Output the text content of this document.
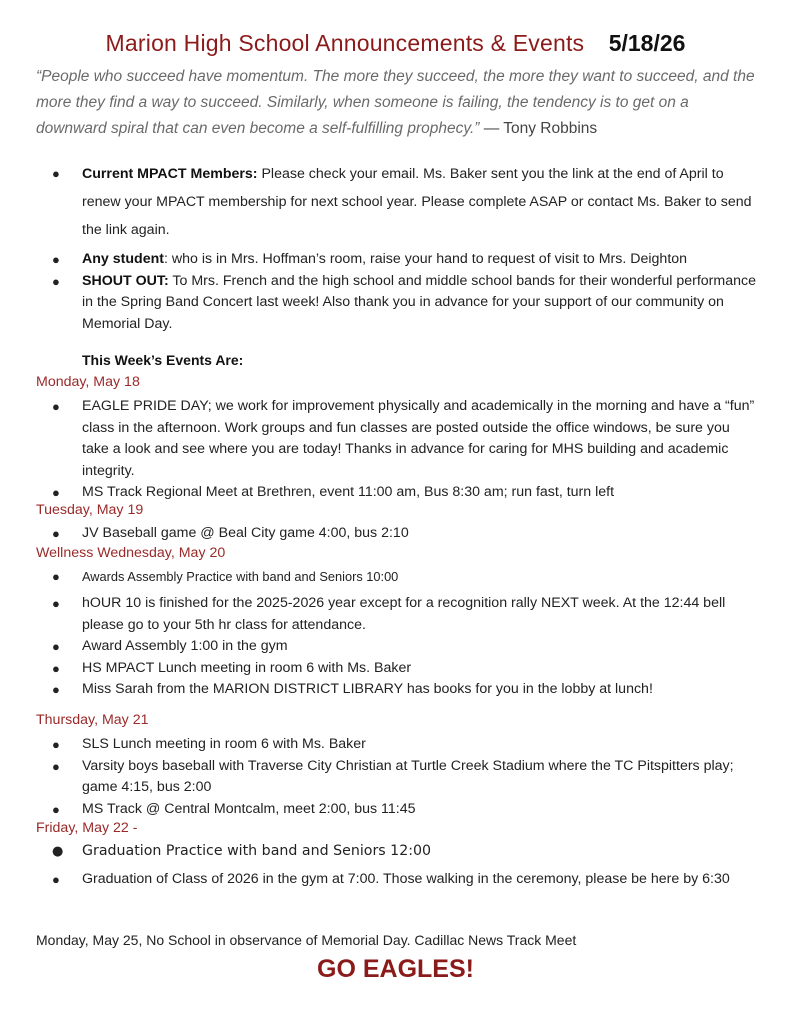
Marion High School Announcements & Events 5/18/26
“People who succeed have momentum. The more they succeed, the more they want to succeed, and the more they find a way to succeed. Similarly, when someone is failing, the tendency is to get on a downward spiral that can even become a self-fulfilling prophecy.” — Tony Robbins
● Current MPACT Members: Please check your email. Ms. Baker sent you the link at the end of April to renew your MPACT membership for next school year. Please complete ASAP or contact Ms. Baker to send the link again.
● Any student: who is in Mrs. Hoffman’s room, raise your hand to request of visit to Mrs. Deighton
● SHOUT OUT: To Mrs. French and the high school and middle school bands for their wonderful performance in the Spring Band Concert last week! Also thank you in advance for your support of our community on Memorial Day.
This Week’s Events Are:
Monday, May 18
● EAGLE PRIDE DAY; we work for improvement physically and academically in the morning and have a “fun” class in the afternoon. Work groups and fun classes are posted outside the office windows, be sure you take a look and see where you are today! Thanks in advance for caring for MHS building and academic integrity.
● MS Track Regional Meet at Brethren, event 11:00 am, Bus 8:30 am; run fast, turn left
Tuesday, May 19
● JV Baseball game @ Beal City game 4:00, bus 2:10
Wellness Wednesday, May 20
● Awards Assembly Practice with band and Seniors 10:00
● hOUR 10 is finished for the 2025-2026 year except for a recognition rally NEXT week. At the 12:44 bell please go to your 5th hr class for attendance.
● Award Assembly 1:00 in the gym
● HS MPACT Lunch meeting in room 6 with Ms. Baker
● Miss Sarah from the MARION DISTRICT LIBRARY has books for you in the lobby at lunch!
Thursday, May 21
● SLS Lunch meeting in room 6 with Ms. Baker
● Varsity boys baseball with Traverse City Christian at Turtle Creek Stadium where the TC Pitspitters play; game 4:15, bus 2:00
● MS Track @ Central Montcalm, meet 2:00, bus 11:45
Friday, May 22 -
● Graduation Practice with band and Seniors 12:00
● Graduation of Class of 2026 in the gym at 7:00. Those walking in the ceremony, please be here by 6:30
Monday, May 25, No School in observance of Memorial Day. Cadillac News Track Meet
GO EAGLES!
